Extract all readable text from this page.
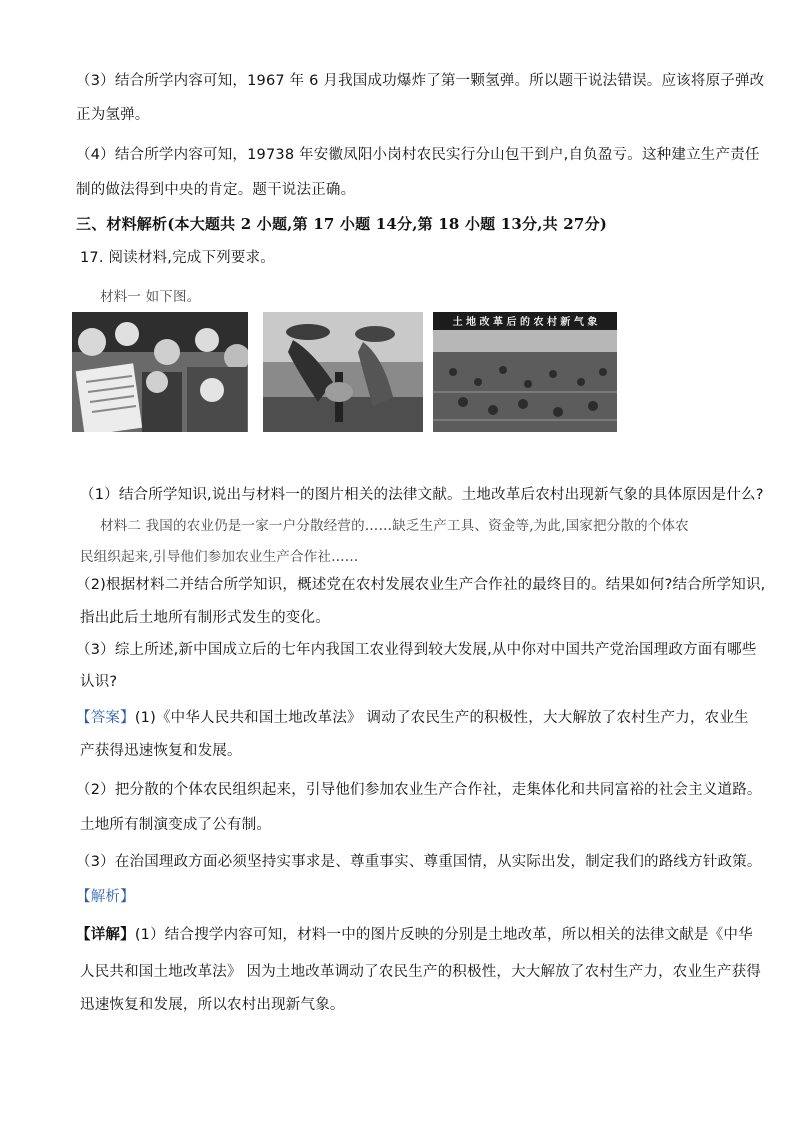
（3）结合所学内容可知，1967 年 6 月我国成功爆炸了第一颗氢弹。所以题干说法错误。应该将原子弹改
正为氢弹。
（4）结合所学内容可知，19738 年安徽凤阳小岗村农民实行分山包干到户,自负盈亏。这种建立生产责任
制的做法得到中央的肯定。题干说法正确。
三、材料解析(本大题共 2 小题,第 17 小题 14分,第 18 小题 13分,共 27分)
17. 阅读材料,完成下列要求。
材料一 如下图。
土 地 改 革 后 的 农 村 新 气 象
（1）结合所学知识,说出与材料一的图片相关的法律文献。土地改革后农村出现新气象的具体原因是什么?
材料二 我国的农业仍是一家一户分散经营的……缺乏生产工具、资金等,为此,国家把分散的个体农
民组织起来,引导他们参加农业生产合作社……
（2)根据材料二并结合所学知识，概述党在农村发展农业生产合作社的最终目的。结果如何?结合所学知识,
指出此后土地所有制形式发生的变化。
（3）综上所述,新中国成立后的七年内我国工农业得到较大发展,从中你对中国共产党治国理政方面有哪些
认识?
【答案】(1)《中华人民共和国土地改革法》 调动了农民生产的积极性，大大解放了农村生产力，农业生
产获得迅速恢复和发展。
（2）把分散的个体农民组织起来，引导他们参加农业生产合作社，走集体化和共同富裕的社会主义道路。
土地所有制演变成了公有制。
（3）在治国理政方面必须坚持实事求是、尊重事实、尊重国情，从实际出发，制定我们的路线方针政策。
【解析】
【详解】(1）结合搜学内容可知，材料一中的图片反映的分别是土地改革，所以相关的法律文献是《中华
人民共和国土地改革法》 因为土地改革调动了农民生产的积极性，大大解放了农村生产力，农业生产获得
迅速恢复和发展，所以农村出现新气象。
